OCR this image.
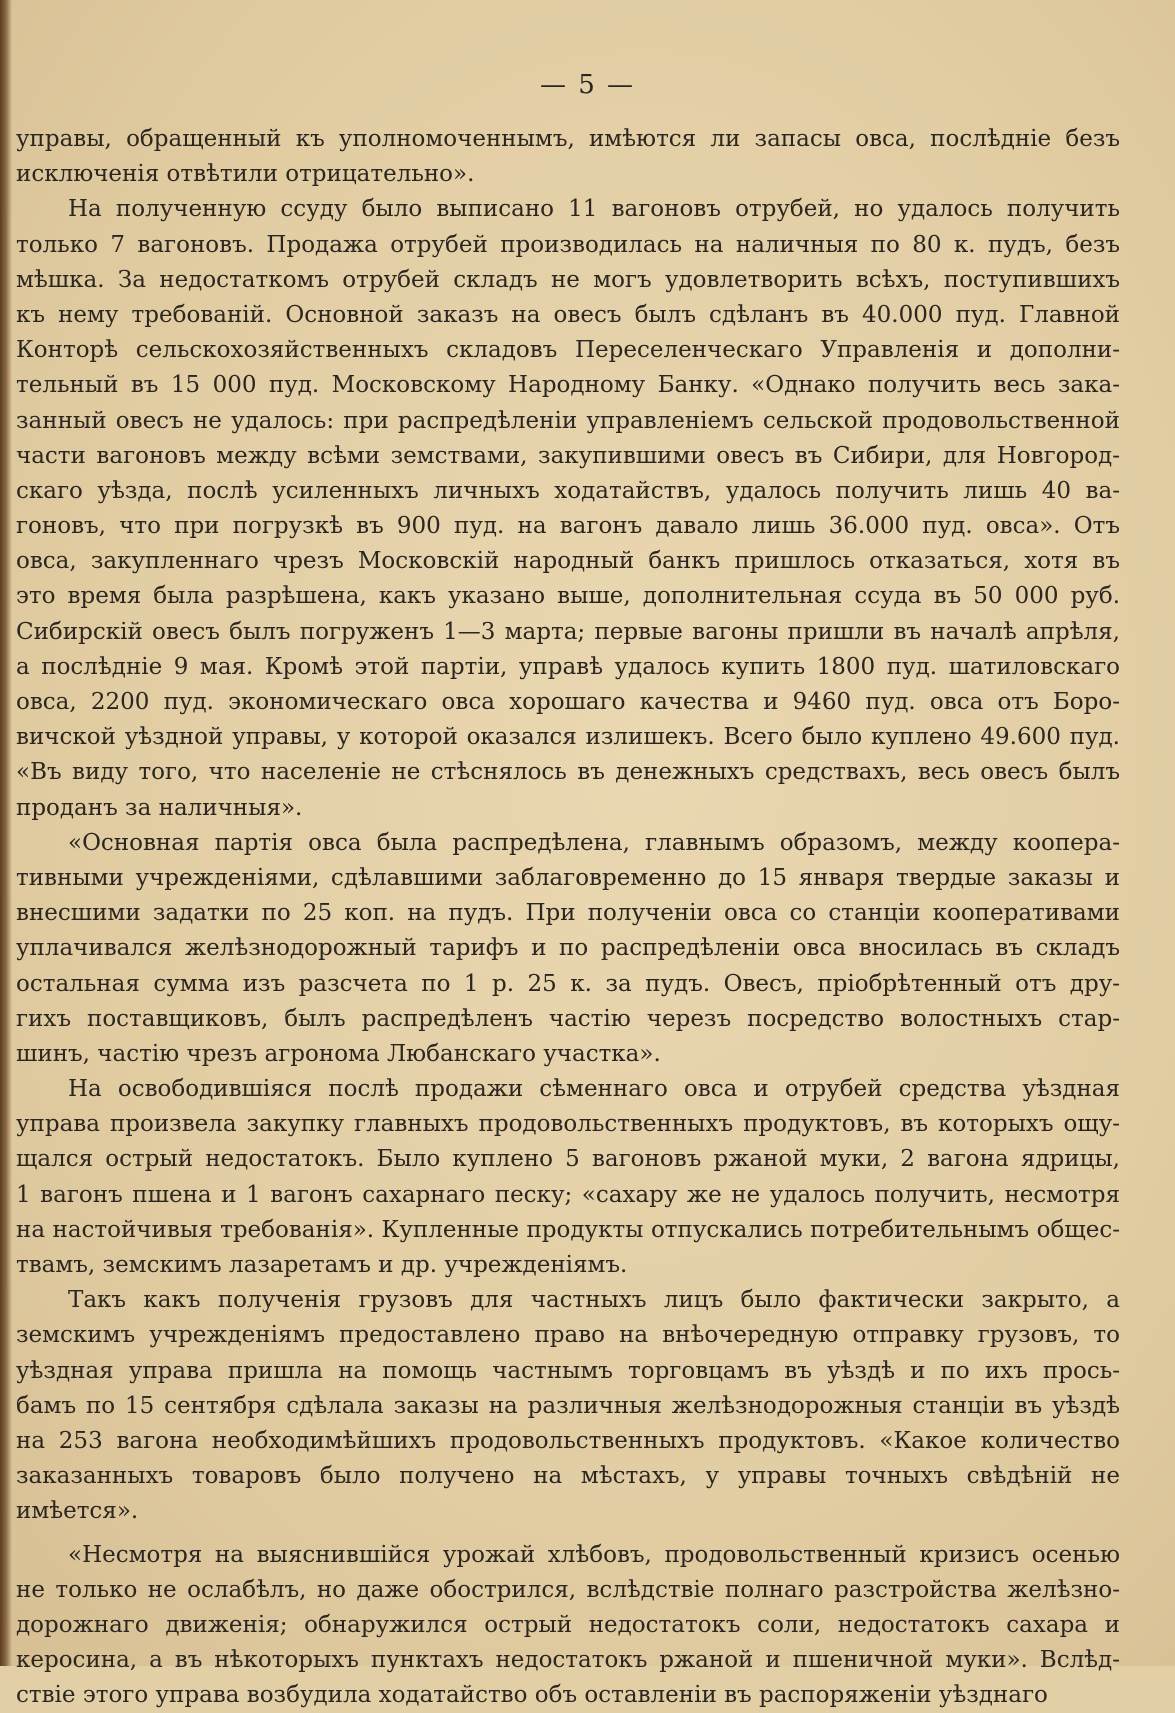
— 5 —
управы, обращенный къ уполномоченнымъ, имѣются ли запасы овса, послѣдніе безъ
исключенія отвѣтили отрицательно».
На полученную ссуду было выписано 11 вагоновъ отрубей, но удалось получить
только 7 вагоновъ. Продажа отрубей производилась на наличныя по 80 к. пудъ, безъ
мѣшка. За недостаткомъ отрубей складъ не могъ удовлетворить всѣхъ, поступившихъ
къ нему требованій. Основной заказъ на овесъ былъ сдѣланъ въ 40.000 пуд. Главной
Конторѣ сельскохозяйственныхъ складовъ Переселенческаго Управленія и дополни-
тельный въ 15 000 пуд. Московскому Народному Банку. «Однако получить весь зака-
занный овесъ не удалось: при распредѣленіи управленіемъ сельской продовольственной
части вагоновъ между всѣми земствами, закупившими овесъ въ Сибири, для Новгород-
скаго уѣзда, послѣ усиленныхъ личныхъ ходатайствъ, удалось получить лишь 40 ва-
гоновъ, что при погрузкѣ въ 900 пуд. на вагонъ давало лишь 36.000 пуд. овса». Отъ
овса, закупленнаго чрезъ Московскій народный банкъ пришлось отказаться, хотя въ
это время была разрѣшена, какъ указано выше, дополнительная ссуда въ 50 000 руб.
Сибирскій овесъ былъ погруженъ 1—3 марта; первые вагоны пришли въ началѣ апрѣля,
а послѣдніе 9 мая. Кромѣ этой партіи, управѣ удалось купить 1800 пуд. шатиловскаго
овса, 2200 пуд. экономическаго овса хорошаго качества и 9460 пуд. овса отъ Боро-
вичской уѣздной управы, у которой оказался излишекъ. Всего было куплено 49.600 пуд.
«Въ виду того, что населеніе не стѣснялось въ денежныхъ средствахъ, весь овесъ былъ
проданъ за наличныя».
«Основная партія овса была распредѣлена, главнымъ образомъ, между коопера-
тивными учрежденіями, сдѣлавшими заблаговременно до 15 января твердые заказы и
внесшими задатки по 25 коп. на пудъ. При полученіи овса со станціи кооперативами
уплачивался желѣзнодорожный тарифъ и по распредѣленіи овса вносилась въ складъ
остальная сумма изъ разсчета по 1 р. 25 к. за пудъ. Овесъ, пріобрѣтенный отъ дру-
гихъ поставщиковъ, былъ распредѣленъ частію черезъ посредство волостныхъ стар-
шинъ, частію чрезъ агронома Любанскаго участка».
На освободившіяся послѣ продажи сѣменнаго овса и отрубей средства уѣздная
управа произвела закупку главныхъ продовольственныхъ продуктовъ, въ которыхъ ощу-
щался острый недостатокъ. Было куплено 5 вагоновъ ржаной муки, 2 вагона ядрицы,
1 вагонъ пшена и 1 вагонъ сахарнаго песку; «сахару же не удалось получить, несмотря
на настойчивыя требованія». Купленные продукты отпускались потребительнымъ общес-
твамъ, земскимъ лазаретамъ и др. учрежденіямъ.
Такъ какъ полученія грузовъ для частныхъ лицъ было фактически закрыто, а
земскимъ учрежденіямъ предоставлено право на внѣочередную отправку грузовъ, то
уѣздная управа пришла на помощь частнымъ торговцамъ въ уѣздѣ и по ихъ прось-
бамъ по 15 сентября сдѣлала заказы на различныя желѣзнодорожныя станціи въ уѣздѣ
на 253 вагона необходимѣйшихъ продовольственныхъ продуктовъ. «Какое количество
заказанныхъ товаровъ было получено на мѣстахъ, у управы точныхъ свѣдѣній не
имѣется».
«Несмотря на выяснившійся урожай хлѣбовъ, продовольственный кризисъ осенью
не только не ослабѣлъ, но даже обострился, вслѣдствіе полнаго разстройства желѣзно-
дорожнаго движенія; обнаружился острый недостатокъ соли, недостатокъ сахара и
керосина, а въ нѣкоторыхъ пунктахъ недостатокъ ржаной и пшеничной муки». Вслѣд-
ствіе этого управа возбудила ходатайство объ оставленіи въ распоряженіи уѣзднаго
